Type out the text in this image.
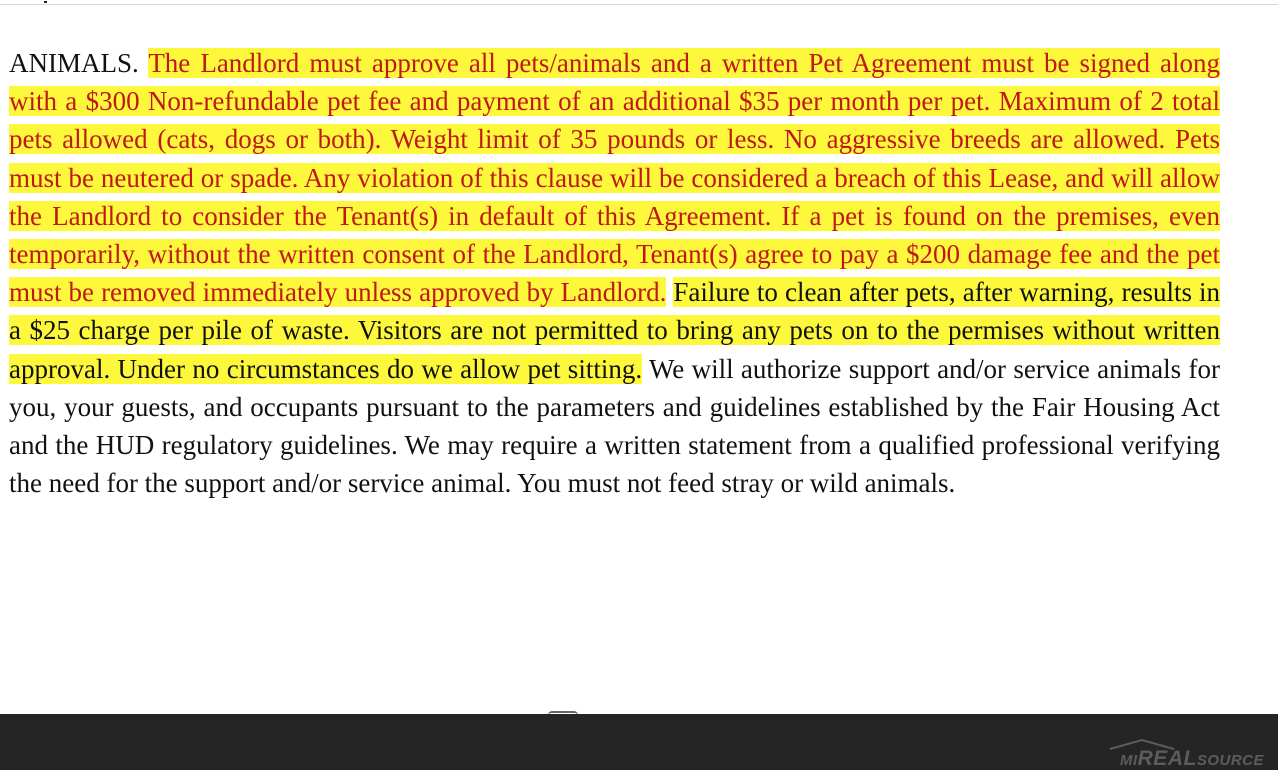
ANIMALS. The Landlord must approve all pets/animals and a written Pet Agreement must be signed along with a $300 Non-refundable pet fee and payment of an additional $35 per month per pet. Maximum of 2 total pets allowed (cats, dogs or both). Weight limit of 35 pounds or less. No aggressive breeds are allowed. Pets must be neutered or spade. Any violation of this clause will be considered a breach of this Lease, and will allow the Landlord to consider the Tenant(s) in default of this Agreement. If a pet is found on the premises, even temporarily, without the written consent of the Landlord, Tenant(s) agree to pay a $200 damage fee and the pet must be removed immediately unless approved by Landlord. Failure to clean after pets, after warning, results in a $25 charge per pile of waste. Visitors are not permitted to bring any pets on to the permises without written approval. Under no circumstances do we allow pet sitting. We will authorize support and/or service animals for you, your guests, and occupants pursuant to the parameters and guidelines established by the Fair Housing Act and the HUD regulatory guidelines. We may require a written statement from a qualified professional verifying the need for the support and/or service animal. You must not feed stray or wild animals.

MI REAL SOURCE
